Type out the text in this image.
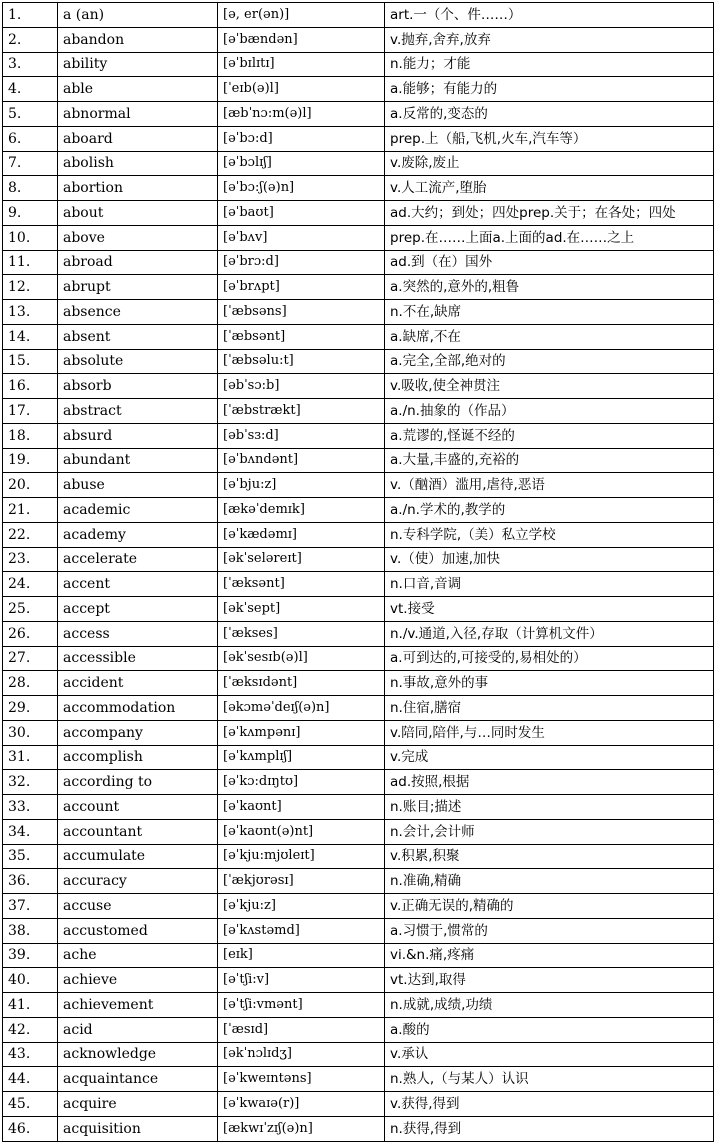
1.	a (an)	[ə, er(ən)]	art.一（个、件……）
2.	abandon	[əˈbændən]	v.抛弃,舍弃,放弃
3.	ability	[əˈbɪlɪtɪ]	n.能力；才能
4.	able	[ˈeɪb(ə)l]	a.能够；有能力的
5.	abnormal	[æbˈnɔ:m(ə)l]	a.反常的,变态的
6.	aboard	[əˈbɔ:d]	prep.上（船,飞机,火车,汽车等）
7.	abolish	[əˈbɔlɪʃ]	v.废除,废止
8.	abortion	[əˈbɔ:ʃ(ə)n]	v.人工流产,堕胎
9.	about	[əˈbaʊt]	ad.大约；到处；四处prep.关于；在各处；四处
10.	above	[əˈbʌv]	prep.在……上面a.上面的ad.在……之上
11.	abroad	[əˈbrɔ:d]	ad.到（在）国外
12.	abrupt	[əˈbrʌpt]	a.突然的,意外的,粗鲁
13.	absence	[ˈæbsəns]	n.不在,缺席
14.	absent	[ˈæbsənt]	a.缺席,不在
15.	absolute	[ˈæbsəlu:t]	a.完全,全部,绝对的
16.	absorb	[əbˈsɔ:b]	v.吸收,使全神贯注
17.	abstract	[ˈæbstrækt]	a./n.抽象的（作品）
18.	absurd	[əbˈsɜ:d]	a.荒谬的,怪诞不经的
19.	abundant	[əˈbʌndənt]	a.大量,丰盛的,充裕的
20.	abuse	[əˈbju:z]	v.（酗酒）滥用,虐待,恶语
21.	academic	[ækəˈdemɪk]	a./n.学术的,教学的
22.	academy	[əˈkædəmɪ]	n.专科学院,（美）私立学校
23.	accelerate	[əkˈseləreɪt]	v.（使）加速,加快
24.	accent	[ˈæksənt]	n.口音,音调
25.	accept	[əkˈsept]	vt.接受
26.	access	[ˈækses]	n./v.通道,入径,存取（计算机文件）
27.	accessible	[əkˈsesɪb(ə)l]	a.可到达的,可接受的,易相处的）
28.	accident	[ˈæksɪdənt]	n.事故,意外的事
29.	accommodation	[əkɔməˈdeɪʃ(ə)n]	n.住宿,膳宿
30.	accompany	[əˈkʌmpənɪ]	v.陪同,陪伴,与…同时发生
31.	accomplish	[əˈkʌmplɪʃ]	v.完成
32.	according to	[əˈkɔ:dɪŋtʊ]	ad.按照,根据
33.	account	[əˈkaʊnt]	n.账目;描述
34.	accountant	[əˈkaʊnt(ə)nt]	n.会计,会计师
35.	accumulate	[əˈkju:mjʊleɪt]	v.积累,积聚
36.	accuracy	[ˈækjʊrəsɪ]	n.准确,精确
37.	accuse	[əˈkju:z]	v.正确无误的,精确的
38.	accustomed	[əˈkʌstəmd]	a.习惯于,惯常的
39.	ache	[eɪk]	vi.&n.痛,疼痛
40.	achieve	[əˈtʃi:v]	vt.达到,取得
41.	achievement	[əˈtʃi:vmənt]	n.成就,成绩,功绩
42.	acid	[ˈæsɪd]	a.酸的
43.	acknowledge	[əkˈnɔlɪdʒ]	v.承认
44.	acquaintance	[əˈkweɪntəns]	n.熟人,（与某人）认识
45.	acquire	[əˈkwaɪə(r)]	v.获得,得到
46.	acquisition	[ækwɪˈzɪʃ(ə)n]	n.获得,得到
